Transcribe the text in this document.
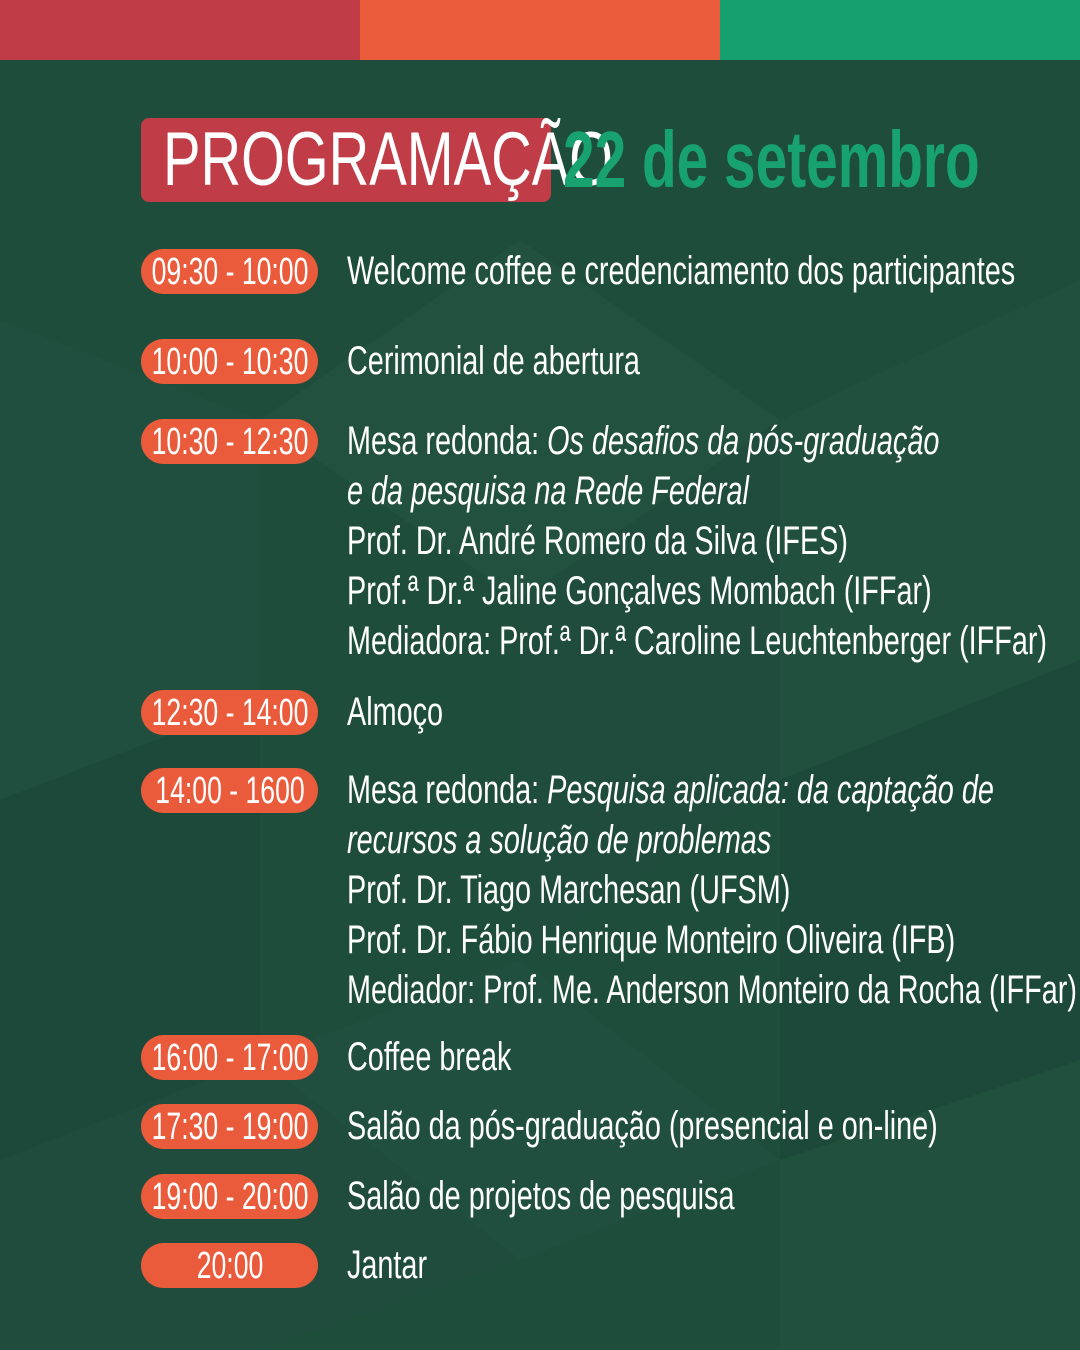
PROGRAMAÇÃO
22 de setembro
09:30 - 10:00 Welcome coffee e credenciamento dos participantes
10:00 - 10:30 Cerimonial de abertura
10:30 - 12:30 Mesa redonda: Os desafios da pós-graduação
e da pesquisa na Rede Federal
Prof. Dr. André Romero da Silva (IFES)
Prof.ª Dr.ª Jaline Gonçalves Mombach (IFFar)
Mediadora: Prof.ª Dr.ª Caroline Leuchtenberger (IFFar)
12:30 - 14:00 Almoço
14:00 - 1600 Mesa redonda: Pesquisa aplicada: da captação de
recursos a solução de problemas
Prof. Dr. Tiago Marchesan (UFSM)
Prof. Dr. Fábio Henrique Monteiro Oliveira (IFB)
Mediador: Prof. Me. Anderson Monteiro da Rocha (IFFar)
16:00 - 17:00 Coffee break
17:30 - 19:00 Salão da pós-graduação (presencial e on-line)
19:00 - 20:00 Salão de projetos de pesquisa
20:00 Jantar
